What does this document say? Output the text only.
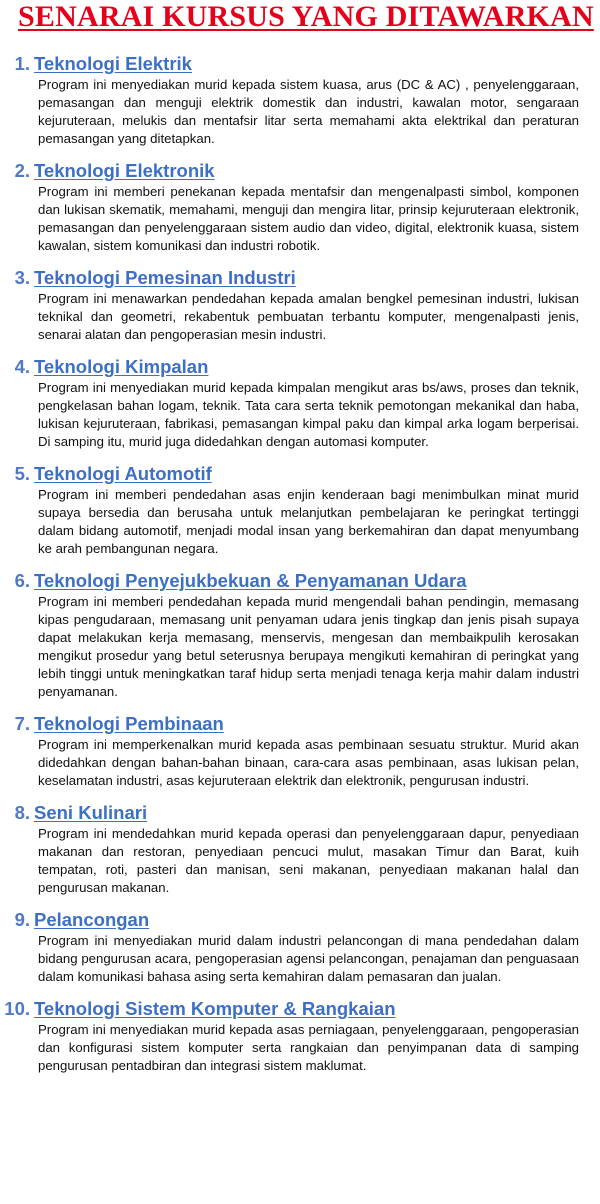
SENARAI KURSUS YANG DITAWARKAN
1. Teknologi Elektrik

Program ini menyediakan murid kepada sistem kuasa, arus (DC & AC) , penyelenggaraan, pemasangan dan menguji elektrik domestik dan industri, kawalan motor, sengaraan kejuruteraan, melukis dan mentafsir litar serta memahami akta elektrikal dan peraturan pemasangan yang ditetapkan.

2. Teknologi Elektronik

Program ini memberi penekanan kepada mentafsir dan mengenalpasti simbol, komponen dan lukisan skematik, memahami, menguji dan mengira litar, prinsip kejuruteraan elektronik, pemasangan dan penyelenggaraan sistem audio dan video, digital, elektronik kuasa, sistem kawalan, sistem komunikasi dan industri robotik.

3. Teknologi Pemesinan Industri

Program ini menawarkan pendedahan kepada amalan bengkel pemesinan industri, lukisan teknikal dan geometri, rekabentuk pembuatan terbantu komputer, mengenalpasti jenis, senarai alatan dan pengoperasian mesin industri.

4. Teknologi Kimpalan

Program ini menyediakan murid kepada kimpalan mengikut aras bs/aws, proses dan teknik, pengkelasan bahan logam, teknik. Tata cara serta teknik pemotongan mekanikal dan haba, lukisan kejuruteraan, fabrikasi, pemasangan kimpal paku dan kimpal arka logam berperisai. Di samping itu, murid juga didedahkan dengan automasi komputer.

5. Teknologi Automotif

Program ini memberi pendedahan asas enjin kenderaan bagi menimbulkan minat murid supaya bersedia dan berusaha untuk melanjutkan pembelajaran ke peringkat tertinggi dalam bidang automotif, menjadi modal insan yang berkemahiran dan dapat menyumbang ke arah pembangunan negara.

6. Teknologi Penyejukbekuan & Penyamanan Udara

Program ini memberi pendedahan kepada murid mengendali bahan pendingin, memasang kipas pengudaraan, memasang unit penyaman udara jenis tingkap dan jenis pisah supaya dapat melakukan kerja memasang, menservis, mengesan dan membaikpulih kerosakan mengikut prosedur yang betul seterusnya berupaya mengikuti kemahiran di peringkat yang lebih tinggi untuk meningkatkan taraf hidup serta menjadi tenaga kerja mahir dalam industri penyamanan.

7. Teknologi Pembinaan

Program ini memperkenalkan murid kepada asas pembinaan sesuatu struktur. Murid akan didedahkan dengan bahan-bahan binaan, cara-cara asas pembinaan, asas lukisan pelan, keselamatan industri, asas kejuruteraan elektrik dan elektronik, pengurusan industri.

8. Seni Kulinari

Program ini mendedahkan murid kepada operasi dan penyelenggaraan dapur, penyediaan makanan dan restoran, penyediaan pencuci mulut, masakan Timur dan Barat, kuih tempatan, roti, pasteri dan manisan, seni makanan, penyediaan makanan halal dan pengurusan makanan.

9. Pelancongan

Program ini menyediakan murid dalam industri pelancongan di mana pendedahan dalam bidang pengurusan acara, pengoperasian agensi pelancongan, penajaman dan penguasaan dalam komunikasi bahasa asing serta kemahiran dalam pemasaran dan jualan.

10. Teknologi Sistem Komputer & Rangkaian

Program ini menyediakan murid kepada asas perniagaan, penyelenggaraan, pengoperasian dan konfigurasi sistem komputer serta rangkaian dan penyimpanan data di samping pengurusan pentadbiran dan integrasi sistem maklumat.
